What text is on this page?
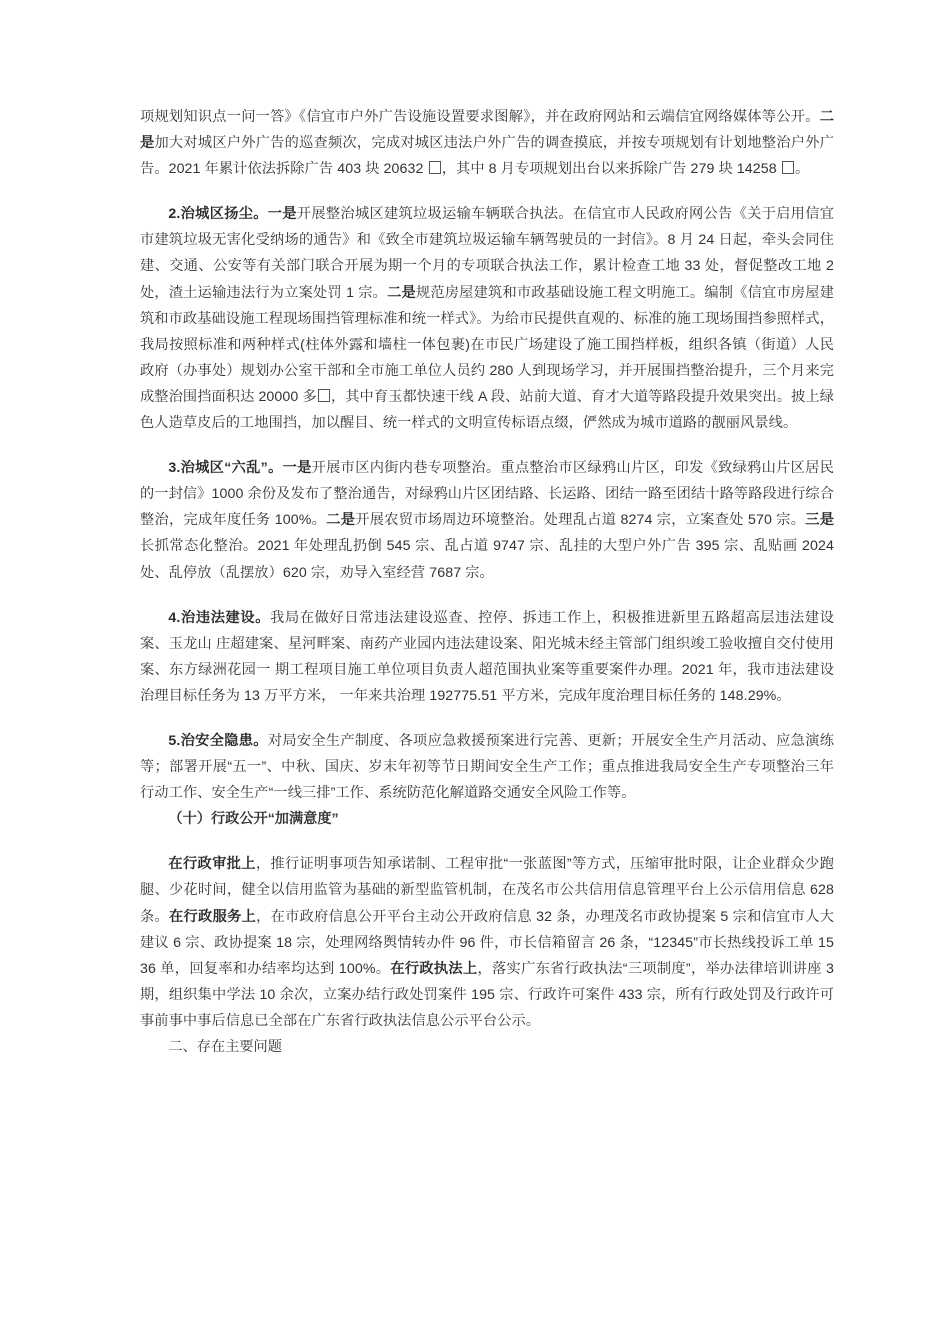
项规划知识点一问一答》《信宜市户外广告设施设置要求图解》，并在政府网站和云端信宜网络媒体等公开。二是加大对城区户外广告的巡查频次，完成对城区违法户外广告的调查摸底，并按专项规划有计划地整治户外广告。2021 年累计依法拆除广告 403 块 20632 ，其中 8 月专项规划出台以来拆除广告 279 块 14258 。

2.治城区扬尘。一是开展整治城区建筑垃圾运输车辆联合执法。在信宜市人民政府网公告《关于启用信宜市建筑垃圾无害化受纳场的通告》和《致全市建筑垃圾运输车辆驾驶员的一封信》。8 月 24 日起，牵头会同住建、交通、公安等有关部门联合开展为期一个月的专项联合执法工作，累计检查工地 33 处，督促整改工地 2 处，渣土运输违法行为立案处罚 1 宗。二是规范房屋建筑和市政基础设施工程文明施工。编制《信宜市房屋建筑和市政基础设施工程现场围挡管理标准和统一样式》。为给市民提供直观的、标准的施工现场围挡参照样式，我局按照标准和两种样式(柱体外露和墙柱一体包裹)在市民广场建设了施工围挡样板，组织各镇（街道）人民政府（办事处）规划办公室干部和全市施工单位人员约 280 人到现场学习，并开展围挡整治提升，三个月来完成整治围挡面积达 20000 多 ，其中育玉都快速干线 A 段、站前大道、育才大道等路段提升效果突出。披上绿色人造草皮后的工地围挡，加以醒目、统一样式的文明宣传标语点缀，俨然成为城市道路的靓丽风景线。

3.治城区“六乱”。一是开展市区内街内巷专项整治。重点整治市区绿鸦山片区，印发《致绿鸦山片区居民的一封信》1000 余份及发布了整治通告，对绿鸦山片区团结路、长运路、团结一路至团结十路等路段进行综合整治，完成年度任务 100%。二是开展农贸市场周边环境整治。处理乱占道 8274 宗，立案查处 570 宗。三是长抓常态化整治。2021 年处理乱扔倒 545 宗、乱占道 9747 宗、乱挂的大型户外广告 395 宗、乱贴画 2024 处、乱停放（乱摆放）620 宗，劝导入室经营 7687 宗。

4.治违法建设。我局在做好日常违法建设巡查、控停、拆违工作上，积极推进新里五路超高层违法建设案、玉龙山 庄超建案、星河畔案、南药产业园内违法建设案、阳光城未经主管部门组织竣工验收擅自交付使用案、东方绿洲花园一 期工程项目施工单位项目负责人超范围执业案等重要案件办理。2021 年，我市违法建设治理目标任务为 13 万平方米， 一年来共治理 192775.51 平方米，完成年度治理目标任务的 148.29%。

5.治安全隐患。对局安全生产制度、各项应急救援预案进行完善、更新；开展安全生产月活动、应急演练等；部署开展“五一”、中秋、国庆、岁末年初等节日期间安全生产工作；重点推进我局安全生产专项整治三年行动工作、安全生产“一线三排”工作、系统防范化解道路交通安全风险工作等。

（十）行政公开“加满意度”

在行政审批上，推行证明事项告知承诺制、工程审批“一张蓝图”等方式，压缩审批时限，让企业群众少跑腿、少花时间，健全以信用监管为基础的新型监管机制，在茂名市公共信用信息管理平台上公示信用信息 628 条。在行政服务上，在市政府信息公开平台主动公开政府信息 32 条，办理茂名市政协提案 5 宗和信宜市人大建议 6 宗、政协提案 18 宗，处理网络舆情转办件 96 件，市长信箱留言 26 条，“12345”市长热线投诉工单 1536 单，回复率和办结率均达到 100%。在行政执法上，落实广东省行政执法“三项制度”，举办法律培训讲座 3 期，组织集中学法 10 余次，立案办结行政处罚案件 195 宗、行政许可案件 433 宗，所有行政处罚及行政许可事前事中事后信息已全部在广东省行政执法信息公示平台公示。

二、存在主要问题
